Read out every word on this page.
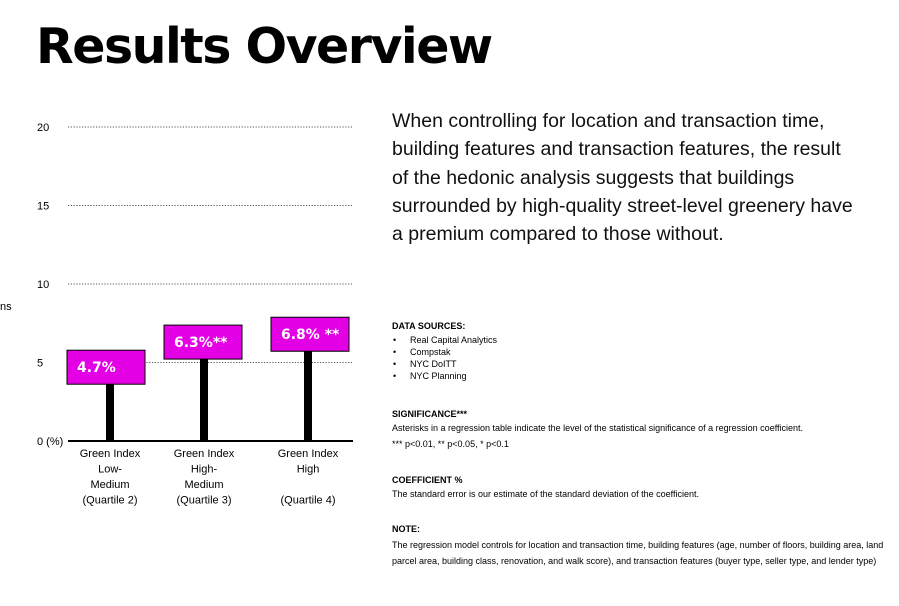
Results Overview
ns
0 (%)
5
10
15
20
4.7%
6.3%**	6.8% **
Green Index
Low-
Medium
(Quartile 2)
Green Index
High-
Medium
(Quartile 3)
Green Index
High
(Quartile 4)

When controlling for location and transaction time, building features and transaction features, the result of the hedonic analysis suggests that buildings surrounded by high-quality street-level greenery have a premium compared to those without.

DATA SOURCES:
• Real Capital Analytics
• Compstak
• NYC DoITT
• NYC Planning
SIGNIFICANCE***

Asterisks in a regression table indicate the level of the statistical significance of a regression coefficient.

*** p<0.01, ** p<0.05, * p<0.1

COEFFICIENT %

The standard error is our estimate of the standard deviation of the coefficient.

NOTE:

The regression model controls for location and transaction time, building features (age, number of floors, building area, land parcel area, building class, renovation, and walk score), and transaction features (buyer type, seller type, and lender type)
